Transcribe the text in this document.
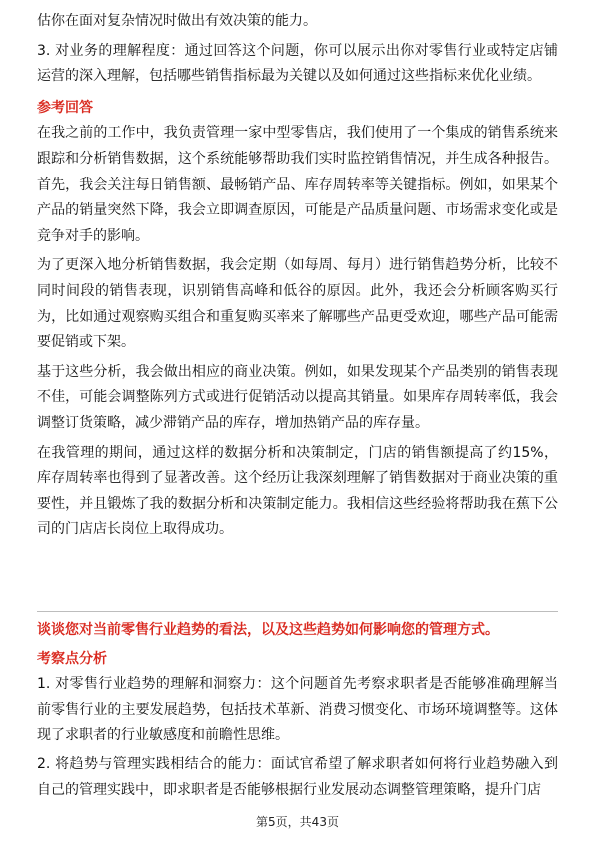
估你在面对复杂情况时做出有效决策的能力。

3. 对业务的理解程度：通过回答这个问题，你可以展示出你对零售行业或特定店铺运营的深入理解，包括哪些销售指标最为关键以及如何通过这些指标来优化业绩。

参考回答

在我之前的工作中，我负责管理一家中型零售店，我们使用了一个集成的销售系统来跟踪和分析销售数据，这个系统能够帮助我们实时监控销售情况，并生成各种报告。首先，我会关注每日销售额、最畅销产品、库存周转率等关键指标。例如，如果某个产品的销量突然下降，我会立即调查原因，可能是产品质量问题、市场需求变化或是竞争对手的影响。

为了更深入地分析销售数据，我会定期（如每周、每月）进行销售趋势分析，比较不同时间段的销售表现，识别销售高峰和低谷的原因。此外，我还会分析顾客购买行为，比如通过观察购买组合和重复购买率来了解哪些产品更受欢迎，哪些产品可能需要促销或下架。

基于这些分析，我会做出相应的商业决策。例如，如果发现某个产品类别的销售表现不佳，可能会调整陈列方式或进行促销活动以提高其销量。如果库存周转率低，我会调整订货策略，减少滞销产品的库存，增加热销产品的库存量。

在我管理的期间，通过这样的数据分析和决策制定，门店的销售额提高了约15%，库存周转率也得到了显著改善。这个经历让我深刻理解了销售数据对于商业决策的重要性，并且锻炼了我的数据分析和决策制定能力。我相信这些经验将帮助我在蕉下公司的门店店长岗位上取得成功。

谈谈您对当前零售行业趋势的看法，以及这些趋势如何影响您的管理方式。
考察点分析

1. 对零售行业趋势的理解和洞察力：这个问题首先考察求职者是否能够准确理解当前零售行业的主要发展趋势，包括技术革新、消费习惯变化、市场环境调整等。这体现了求职者的行业敏感度和前瞻性思维。

2. 将趋势与管理实践相结合的能力：面试官希望了解求职者如何将行业趋势融入到自己的管理实践中，即求职者是否能够根据行业发展动态调整管理策略，提升门店

第5页，共43页
